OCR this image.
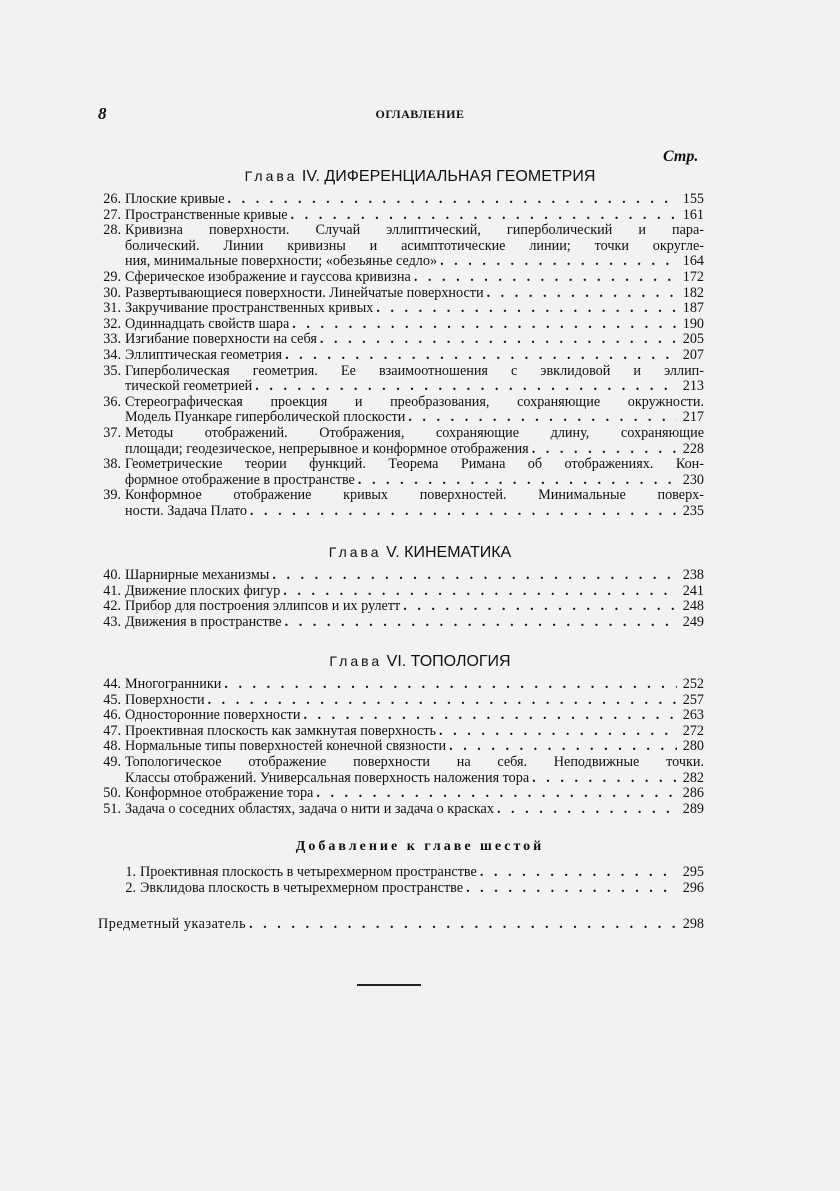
8	ОГЛАВЛЕНИЕ
Стр.
Глава IV. ДИФЕРЕНЦИАЛЬНАЯ ГЕОМЕТРИЯ
26. Плоские кривые . . .	155
27. Пространственные кривые . . .	161
28. Кривизна поверхности. Случай эллиптический, гиперболический и пара-
болический. Линии кривизны и асимптотические линии; точки округле-
ния, минимальные поверхности; «обезьянье седло» . . .	164
29. Сферическое изображение и гауссова кривизна . . .	172
30. Развертывающиеся поверхности. Линейчатые поверхности . . .	182
31. Закручивание пространственных кривых . . .	187
32. Одиннадцать свойств шара . . .	190
33. Изгибание поверхности на себя . . .	205
34. Эллиптическая геометрия . . .	207
35. Гиперболическая геометрия. Ее взаимоотношения с эвклидовой и эллип-
тической геометрией . . .	213
36. Стереографическая проекция и преобразования, сохраняющие окружности.
Модель Пуанкаре гиперболической плоскости . . .	217
37. Методы отображений. Отображения, сохраняющие длину, сохраняющие
площади; геодезическое, непрерывное и конформное отображения . . .	228
38. Геометрические теории функций. Теорема Римана об отображениях. Кон-
формное отображение в пространстве . . .	230
39. Конформное отображение кривых поверхностей. Минимальные поверх-
ности. Задача Плато . . .	235
Глава V. КИНЕМАТИКА
40. Шарнирные механизмы . . .	238
41. Движение плоских фигур . . .	241
42. Прибор для построения эллипсов и их рулетт . . .	248
43. Движения в пространстве . . .	249
Глава VI. ТОПОЛОГИЯ
44. Многогранники . . .	252
45. Поверхности . . .	257
46. Односторонние поверхности . . .	263
47. Проективная плоскость как замкнутая поверхность . . .	272
48. Нормальные типы поверхностей конечной связности . . .	280
49. Топологическое отображение поверхности на себя. Неподвижные точки.
Классы отображений. Универсальная поверхность наложения тора . . .	282
50. Конформное отображение тора . . .	286
51. Задача о соседних областях, задача о нити и задача о красках . . .	289
Добавление к главе шестой
1. Проективная плоскость в четырехмерном пространстве . . .	295
2. Эвклидова плоскость в четырехмерном пространстве . . .	296
Предметный указатель . . .	298
